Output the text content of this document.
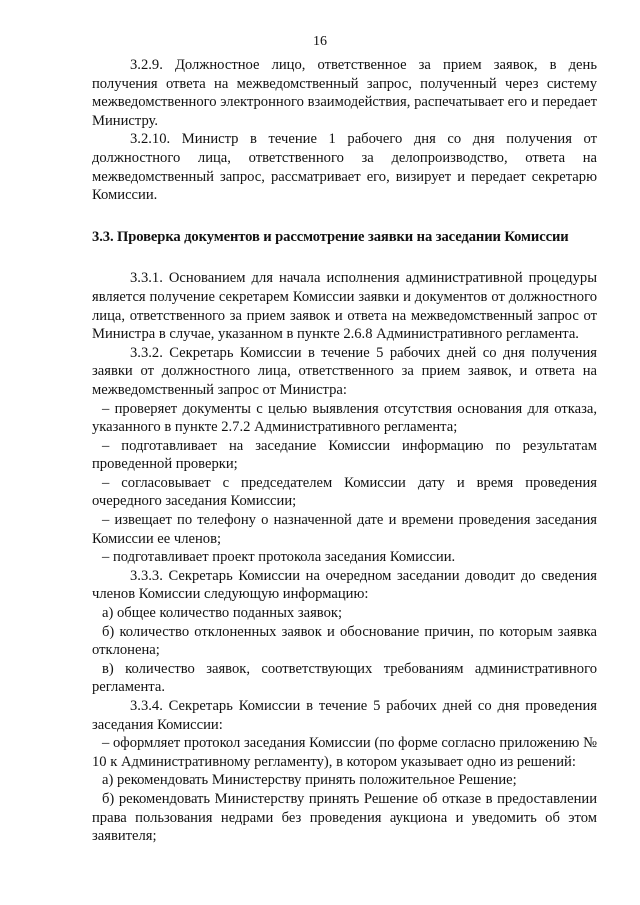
16

3.2.9. Должностное лицо, ответственное за прием заявок, в день получения ответа на межведомственный запрос, полученный через систему межведомственного электронного взаимодействия, распечатывает его и передает Министру.

3.2.10. Министр в течение 1 рабочего дня со дня получения от должностного лица, ответственного за делопроизводство, ответа на межведомственный запрос, рассматривает его, визирует и передает секретарю Комиссии.

3.3. Проверка документов и рассмотрение заявки на заседании Комиссии

3.3.1. Основанием для начала исполнения административной процедуры является получение секретарем Комиссии заявки и документов от должностного лица, ответственного за прием заявок и ответа на межведомственный запрос от Министра в случае, указанном в пункте 2.6.8 Административного регламента.

3.3.2. Секретарь Комиссии в течение 5 рабочих дней со дня получения заявки от должностного лица, ответственного за прием заявок, и ответа на межведомственный запрос от Министра:

– проверяет документы с целью выявления отсутствия основания для отказа, указанного в пункте 2.7.2 Административного регламента;

– подготавливает на заседание Комиссии информацию по результатам проведенной проверки;

– согласовывает с председателем Комиссии дату и время проведения очередного заседания Комиссии;

– извещает по телефону о назначенной дате и времени проведения заседания Комиссии ее членов;

– подготавливает проект протокола заседания Комиссии.

3.3.3. Секретарь Комиссии на очередном заседании доводит до сведения членов Комиссии следующую информацию:

а) общее количество поданных заявок;

б) количество отклоненных заявок и обоснование причин, по которым заявка отклонена;

в) количество заявок, соответствующих требованиям административного регламента.

3.3.4. Секретарь Комиссии в течение 5 рабочих дней со дня проведения заседания Комиссии:

– оформляет протокол заседания Комиссии (по форме согласно приложению № 10 к Административному регламенту), в котором указывает одно из решений:

а) рекомендовать Министерству принять положительное Решение;

б) рекомендовать Министерству принять Решение об отказе в предоставлении права пользования недрами без проведения аукциона и уведомить об этом заявителя;
